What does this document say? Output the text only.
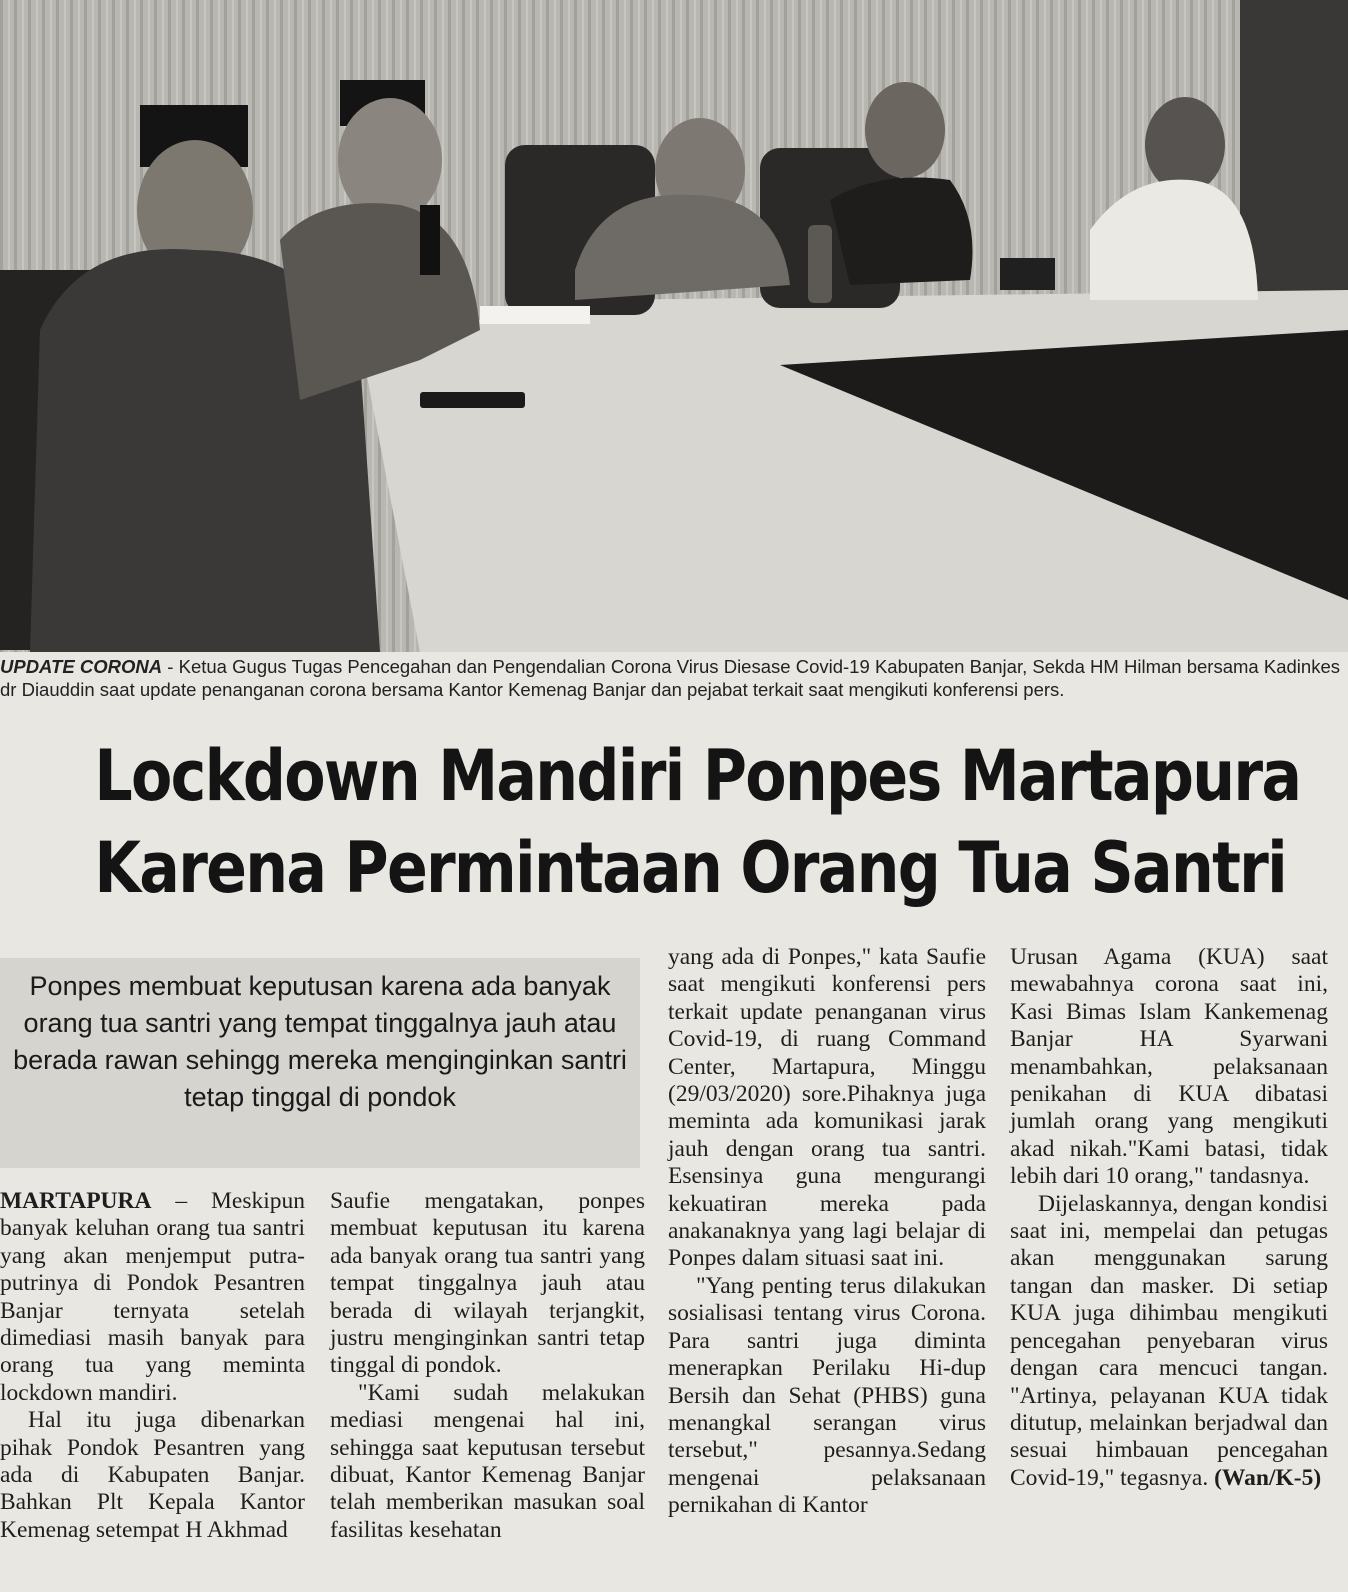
UPDATE CORONA - Ketua Gugus Tugas Pencegahan dan Pengendalian Corona Virus Diesase Covid-19 Kabupaten Banjar, Sekda HM Hilman bersama Kadinkes dr Diauddin saat update penanganan corona bersama Kantor Kemenag Banjar dan pejabat terkait saat mengikuti konferensi pers.

Lockdown Mandiri Ponpes Martapura
Karena Permintaan Orang Tua Santri

Ponpes membuat keputusan karena ada banyak orang tua santri yang tempat tinggalnya jauh atau berada rawan sehingg mereka menginginkan santri tetap tinggal di pondok

MARTAPURA – Meskipun banyak keluhan orang tua santri yang akan menjemput putra-putrinya di Pondok Pesantren Banjar ternyata setelah dimediasi masih banyak para orang tua yang meminta lockdown mandiri.

Hal itu juga dibenarkan pihak Pondok Pesantren yang ada di Kabupaten Banjar. Bahkan Plt Kepala Kantor Kemenag setempat H Akhmad

Saufie mengatakan, ponpes membuat keputusan itu karena ada banyak orang tua santri yang tempat tinggalnya jauh atau berada di wilayah terjangkit, justru menginginkan santri tetap tinggal di pondok.

"Kami sudah melakukan mediasi mengenai hal ini, sehingga saat keputusan tersebut dibuat, Kantor Kemenag Banjar telah memberikan masukan soal fasilitas kesehatan

yang ada di Ponpes," kata Saufie saat mengikuti konferensi pers terkait update penanganan virus Covid-19, di ruang Command Center, Martapura, Minggu (29/03/2020) sore.Pihaknya juga meminta ada komunikasi jarak jauh dengan orang tua santri. Esensinya guna mengurangi kekuatiran mereka pada anakanaknya yang lagi belajar di Ponpes dalam situasi saat ini.

"Yang penting terus dilakukan sosialisasi tentang virus Corona. Para santri juga diminta menerapkan Perilaku Hi-dup Bersih dan Sehat (PHBS) guna menangkal serangan virus tersebut," pesannya.Sedang mengenai pelaksanaan pernikahan di Kantor

Urusan Agama (KUA) saat mewabahnya corona saat ini, Kasi Bimas Islam Kankemenag Banjar HA Syarwani menambahkan, pelaksanaan penikahan di KUA dibatasi jumlah orang yang mengikuti akad nikah."Kami batasi, tidak lebih dari 10 orang," tandasnya.

Dijelaskannya, dengan kondisi saat ini, mempelai dan petugas akan menggunakan sarung tangan dan masker. Di setiap KUA juga dihimbau mengikuti pencegahan penyebaran virus dengan cara mencuci tangan. "Artinya, pelayanan KUA tidak ditutup, melainkan berjadwal dan sesuai himbauan pencegahan Covid-19," tegasnya. (Wan/K-5)
